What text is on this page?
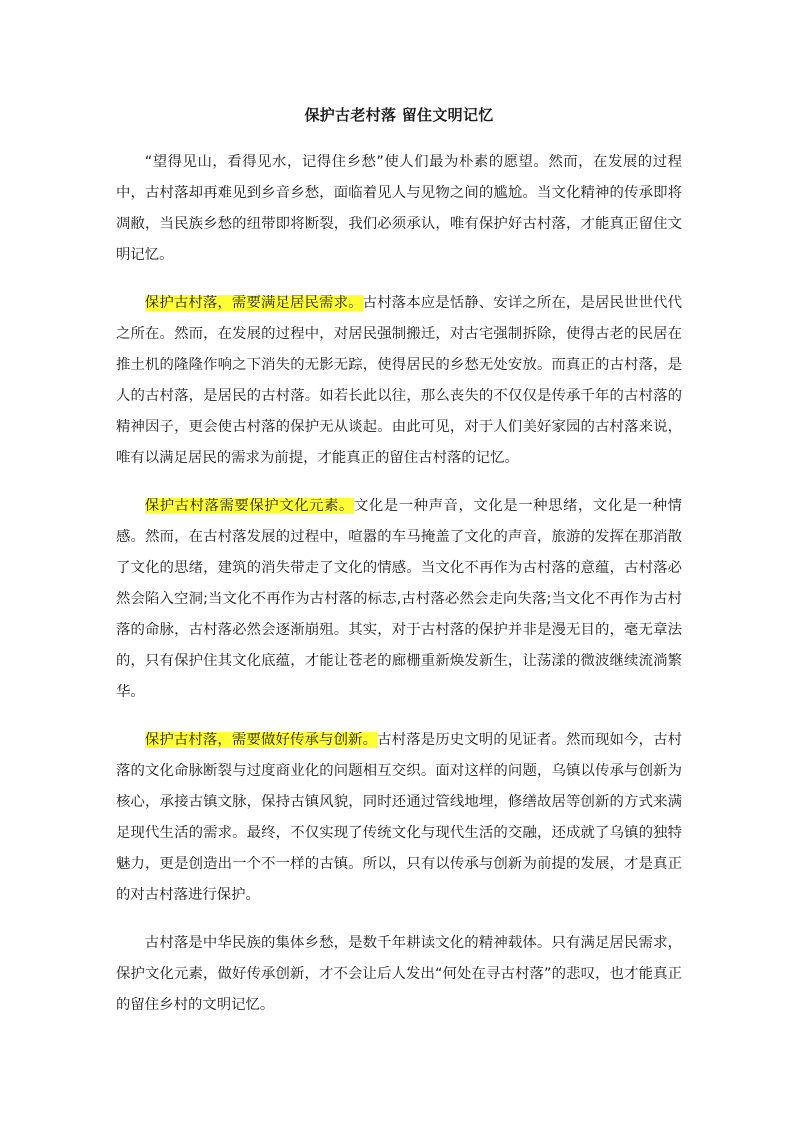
保护古老村落 留住文明记忆

“望得见山，看得见水，记得住乡愁”使人们最为朴素的愿望。然而，在发展的过程中，古村落却再难见到乡音乡愁，面临着见人与见物之间的尴尬。当文化精神的传承即将凋敝，当民族乡愁的纽带即将断裂，我们必须承认，唯有保护好古村落，才能真正留住文明记忆。

保护古村落，需要满足居民需求。古村落本应是恬静、安详之所在，是居民世世代代之所在。然而，在发展的过程中，对居民强制搬迁，对古宅强制拆除，使得古老的民居在推土机的隆隆作响之下消失的无影无踪，使得居民的乡愁无处安放。而真正的古村落，是人的古村落，是居民的古村落。如若长此以往，那么丧失的不仅仅是传承千年的古村落的精神因子，更会使古村落的保护无从谈起。由此可见，对于人们美好家园的古村落来说，唯有以满足居民的需求为前提，才能真正的留住古村落的记忆。

保护古村落需要保护文化元素。文化是一种声音，文化是一种思绪，文化是一种情感。然而，在古村落发展的过程中，喧嚣的车马掩盖了文化的声音，旅游的发挥在那消散了文化的思绪，建筑的消失带走了文化的情感。当文化不再作为古村落的意蕴，古村落必然会陷入空洞;当文化不再作为古村落的标志,古村落必然会走向失落;当文化不再作为古村落的命脉，古村落必然会逐渐崩殂。其实，对于古村落的保护并非是漫无目的，毫无章法的，只有保护住其文化底蕴，才能让苍老的廊栅重新焕发新生，让荡漾的微波继续流淌繁华。

保护古村落，需要做好传承与创新。古村落是历史文明的见证者。然而现如今，古村落的文化命脉断裂与过度商业化的问题相互交织。面对这样的问题，乌镇以传承与创新为核心，承接古镇文脉，保持古镇风貌，同时还通过管线地埋，修缮故居等创新的方式来满足现代生活的需求。最终，不仅实现了传统文化与现代生活的交融，还成就了乌镇的独特魅力，更是创造出一个不一样的古镇。所以，只有以传承与创新为前提的发展，才是真正的对古村落进行保护。

古村落是中华民族的集体乡愁，是数千年耕读文化的精神载体。只有满足居民需求，保护文化元素，做好传承创新，才不会让后人发出“何处在寻古村落”的悲叹，也才能真正的留住乡村的文明记忆。
